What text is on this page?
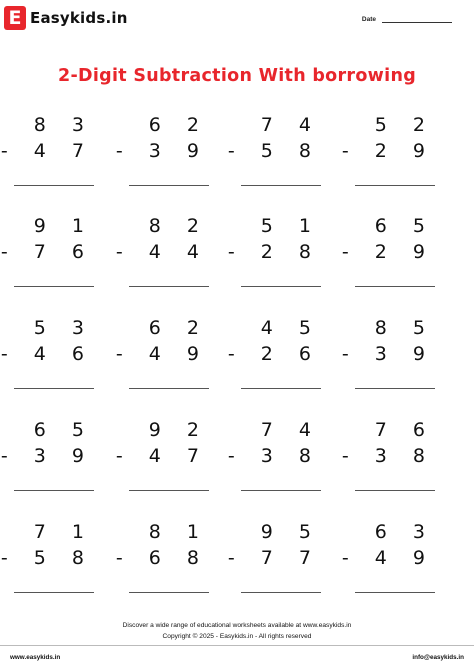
E Easykids.in	Date
2-Digit Subtraction With borrowing
8 3
- 4 7
6 2
- 3 9
7 4
- 5 8
5 2
- 2 9
9 1
- 7 6
8 2
- 4 4
5 1
- 2 8
6 5
- 2 9
5 3
- 4 6
6 2
- 4 9
4 5
- 2 6
8 5
- 3 9
6 5
- 3 9
9 2
- 4 7
7 4
- 3 8
7 6
- 3 8
7 1
- 5 8
8 1
- 6 8
9 5
- 7 7
6 3
- 4 9
Discover a wide range of educational worksheets available at www.easykids.in
Copyright © 2025 - Easykids.in - All rights reserved
www.easykids.in	info@easykids.in
